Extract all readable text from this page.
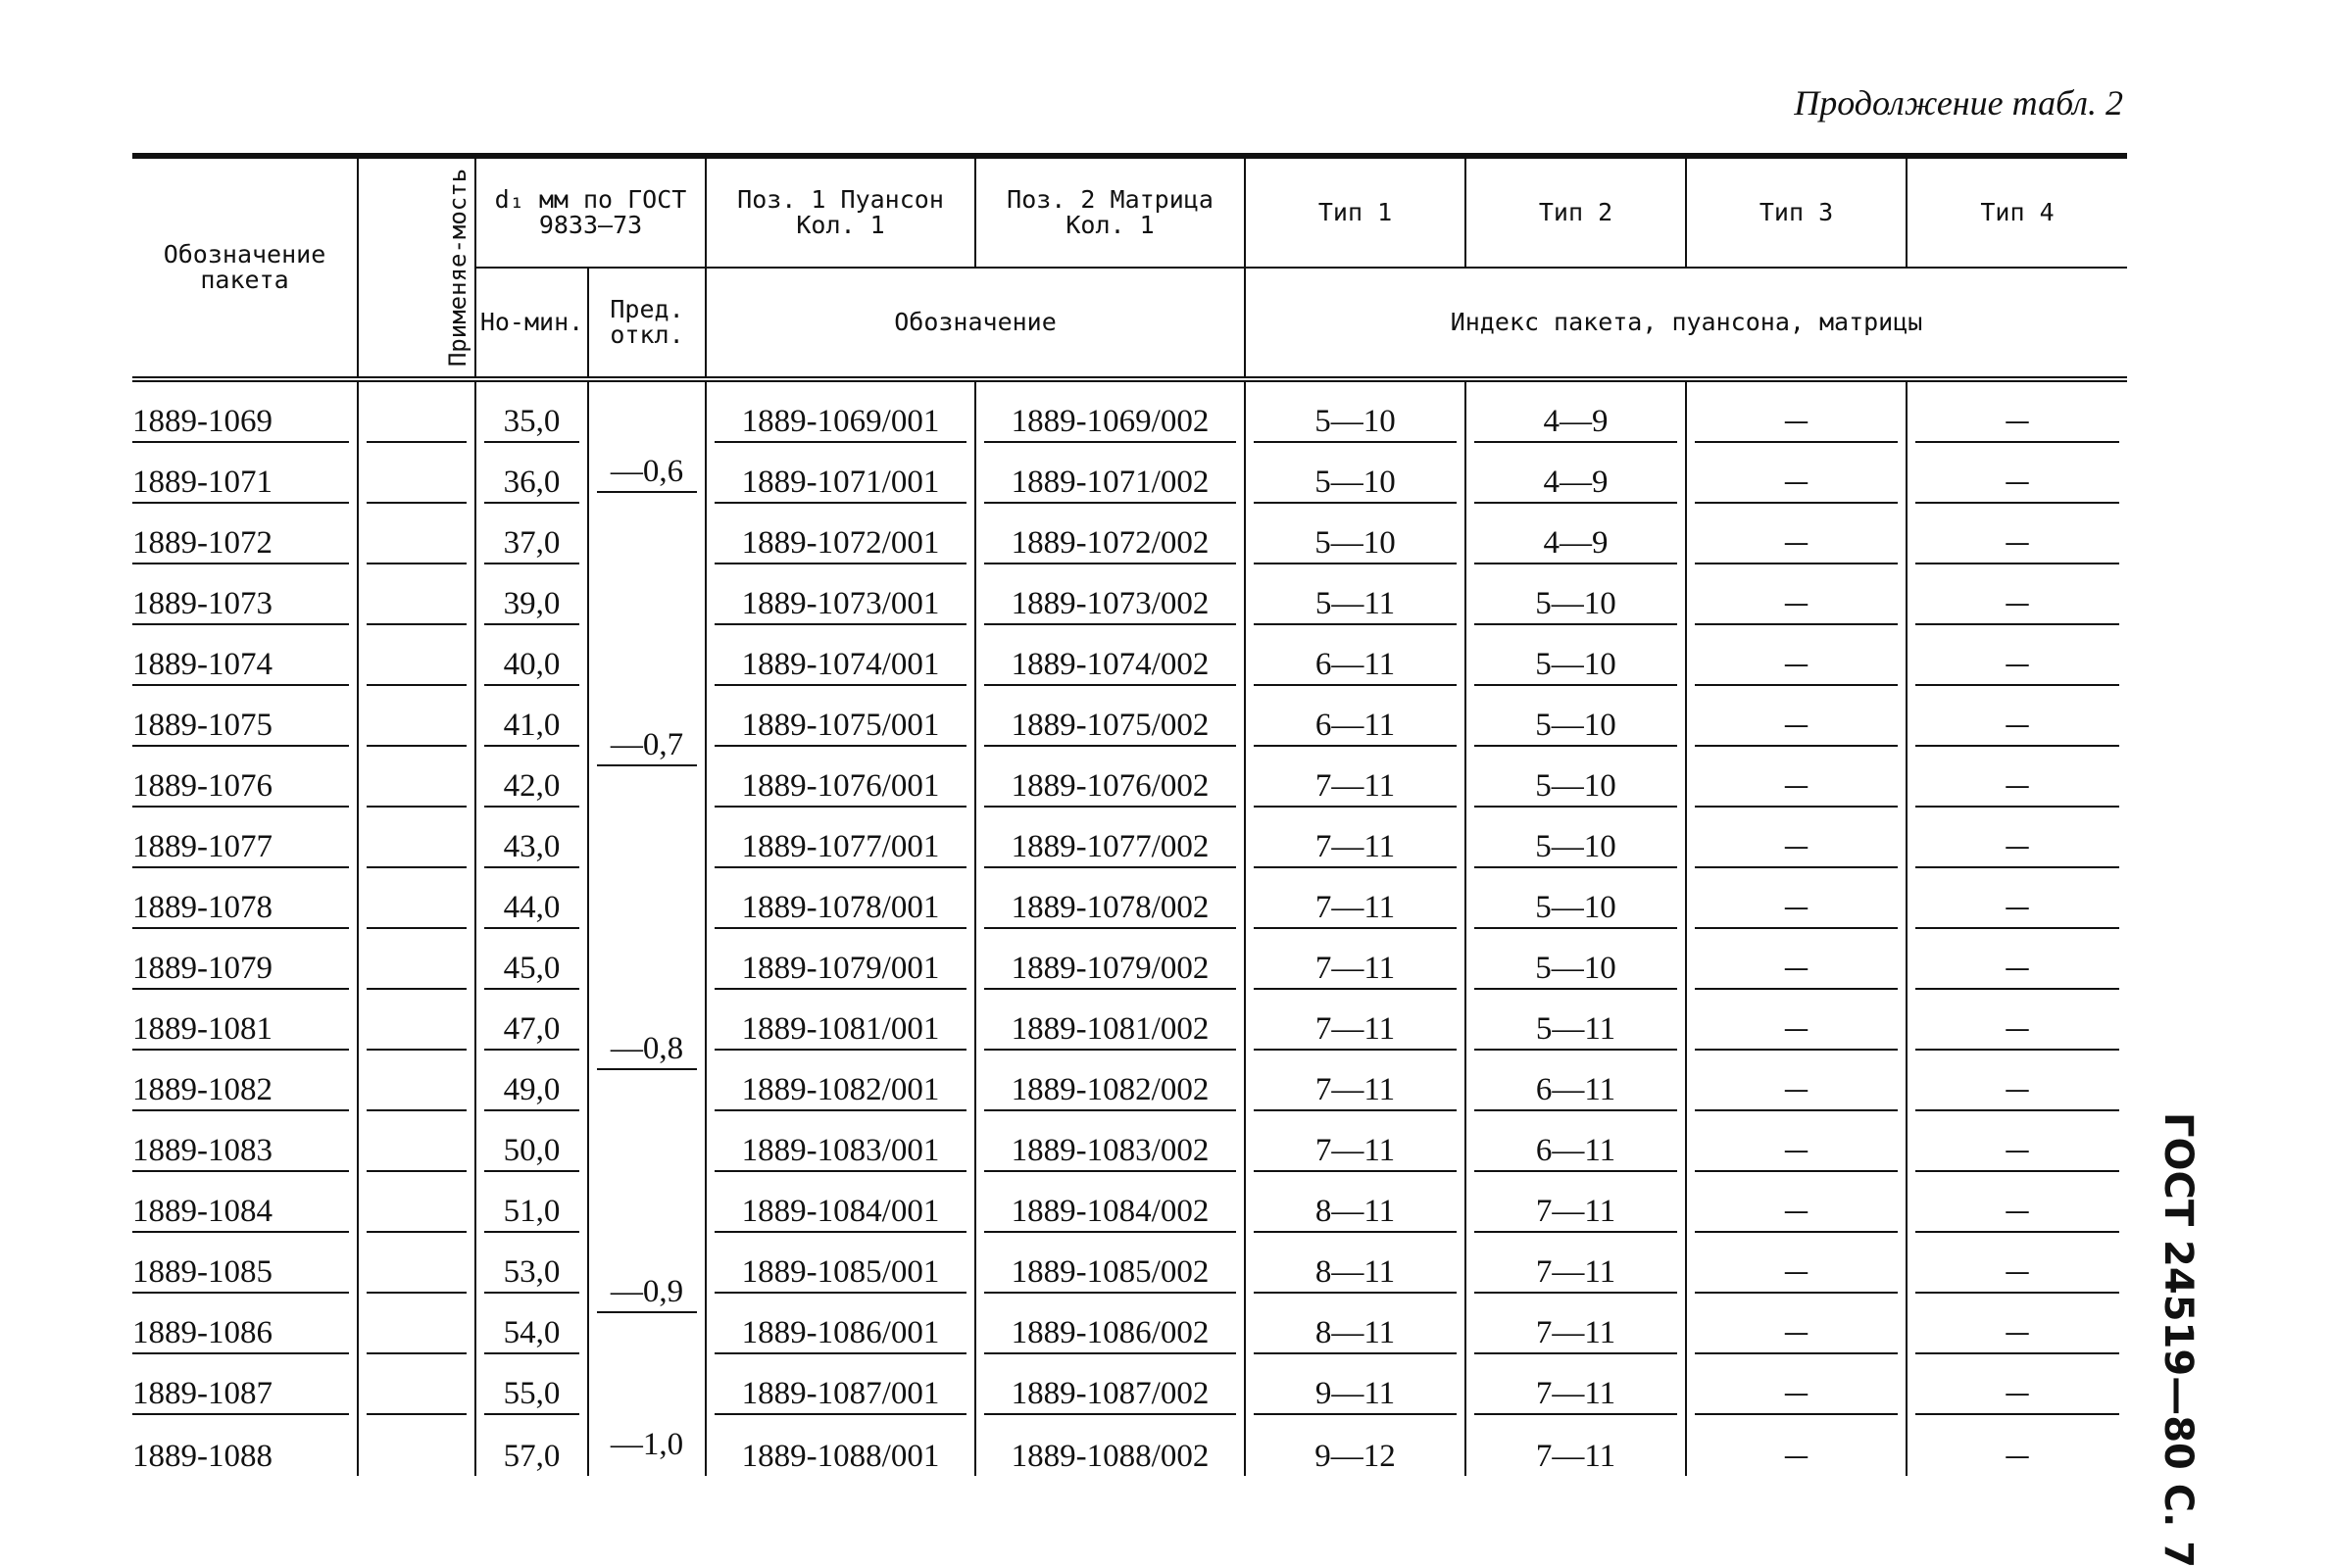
Продолжение табл. 2
ГОСТ 24519—80 С. 7
Обозначение пакета	Применяе-мость	d₁ мм по ГОСТ 9833—73		Поз. 1 Пуансон Кол. 1	Поз. 2 Матрица Кол. 1	Тип 1	Тип 2	Тип 3	Тип 4
		Но-мин.	Пред. откл.	Обозначение		Индекс пакета, пуансона, матрицы			

1889-1069		35,0	—0,6	1889-1069/001	1889-1069/002	5—10	4—9	—	—

1889-1071		36,0		1889-1071/001	1889-1071/002	5—10	4—9	—	—

1889-1072		37,0		1889-1072/001	1889-1072/002	5—10	4—9	—	—

1889-1073		39,0	—0,7	1889-1073/001	1889-1073/002	5—11	5—10	—	—

1889-1074		40,0		1889-1074/001	1889-1074/002	6—11	5—10	—	—

1889-1075		41,0		1889-1075/001	1889-1075/002	6—11	5—10	—	—

1889-1076		42,0		1889-1076/001	1889-1076/002	7—11	5—10	—	—

1889-1077		43,0		1889-1077/001	1889-1077/002	7—11	5—10	—	—

1889-1078		44,0		1889-1078/001	1889-1078/002	7—11	5—10	—	—

1889-1079		45,0	—0,8	1889-1079/001	1889-1079/002	7—11	5—10	—	—

1889-1081		47,0		1889-1081/001	1889-1081/002	7—11	5—11	—	—

1889-1082		49,0		1889-1082/001	1889-1082/002	7—11	6—11	—	—

1889-1083		50,0		1889-1083/001	1889-1083/002	7—11	6—11	—	—

1889-1084		51,0	—0,9	1889-1084/001	1889-1084/002	8—11	7—11	—	—

1889-1085		53,0		1889-1085/001	1889-1085/002	8—11	7—11	—	—

1889-1086		54,0		1889-1086/001	1889-1086/002	8—11	7—11	—	—

1889-1087		55,0		1889-1087/001	1889-1087/002	9—11	7—11	—	—

1889-1088		57,0	—1,0	1889-1088/001	1889-1088/002	9—12	7—11	—	—
